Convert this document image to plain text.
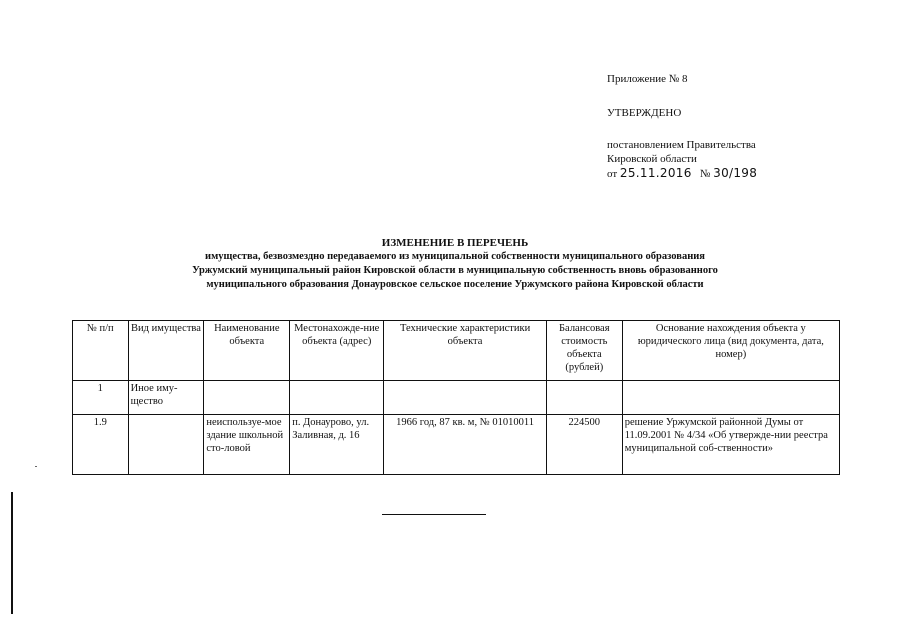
Приложение № 8
УТВЕРЖДЕНО
постановлением Правительства
Кировской области
от 25.11.2016 № 30/198
ИЗМЕНЕНИЕ В ПЕРЕЧЕНЬ
имущества, безвозмездно передаваемого из муниципальной собственности муниципального образования
Уржумский муниципальный район Кировской области в муниципальную собственность вновь образованного
муниципального образования Донауровское сельское поселение Уржумского района Кировской области
№ п/п	Вид имущества	Наименование объекта	Местонахожде-ние объекта (адрес)	Технические характеристики объекта	Балансовая стоимость объекта (рублей)	Основание нахождения объекта у юридического лица (вид документа, дата, номер)
1	Иное иму-ществo					
1.9		неиспользуе-мое здание школьной сто-ловой	п. Донаурово, ул. Заливная, д. 16	1966 год, 87 кв. м, № 01010011	224500	решение Уржумской районной Думы от 11.09.2001 № 4/34 «Об утвержде-нии реестра муниципальной соб-ственности»
